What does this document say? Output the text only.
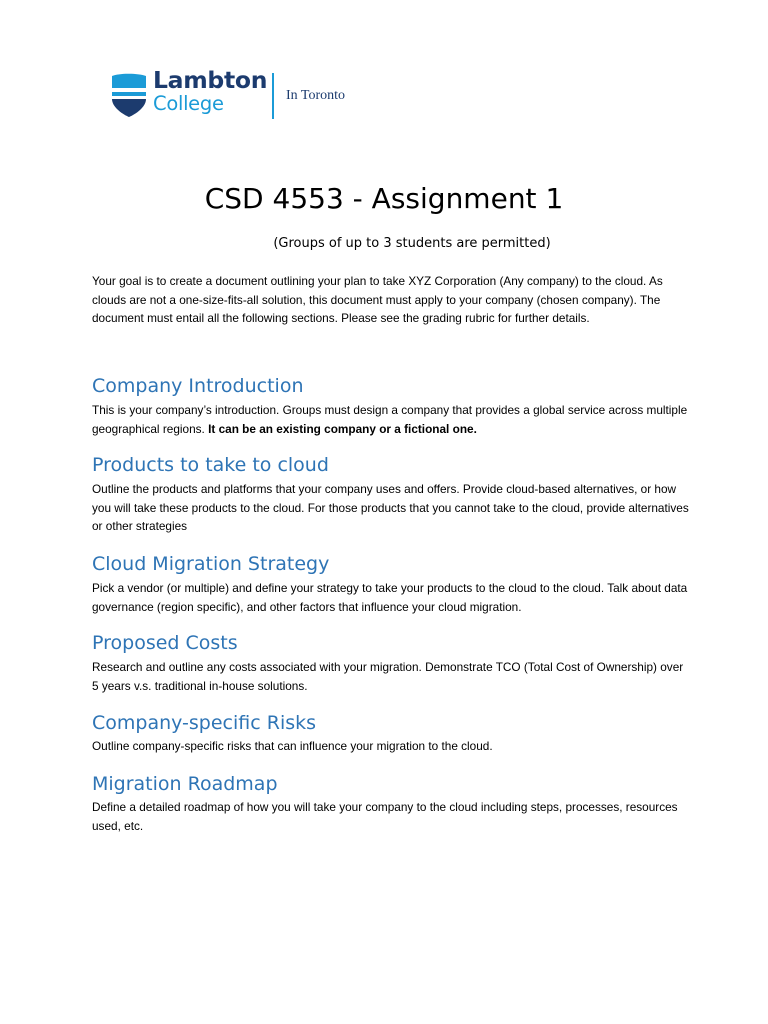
Lambton
College	In Toronto
CSD 4553 - Assignment 1
(Groups of up to 3 students are permitted)

Your goal is to create a document outlining your plan to take XYZ Corporation (Any company) to the cloud. As clouds are not a one-size-fits-all solution, this document must apply to your company (chosen company). The document must entail all the following sections. Please see the grading rubric for further details.

Company Introduction

This is your company’s introduction. Groups must design a company that provides a global service across multiple geographical regions. It can be an existing company or a fictional one.

Products to take to cloud

Outline the products and platforms that your company uses and offers. Provide cloud-based alternatives, or how you will take these products to the cloud. For those products that you cannot take to the cloud, provide alternatives or other strategies

Cloud Migration Strategy

Pick a vendor (or multiple) and define your strategy to take your products to the cloud to the cloud. Talk about data governance (region specific), and other factors that influence your cloud migration.

Proposed Costs

Research and outline any costs associated with your migration. Demonstrate TCO (Total Cost of Ownership) over 5 years v.s. traditional in-house solutions.

Company-specific Risks

Outline company-specific risks that can influence your migration to the cloud.

Migration Roadmap

Define a detailed roadmap of how you will take your company to the cloud including steps, processes, resources used, etc.
